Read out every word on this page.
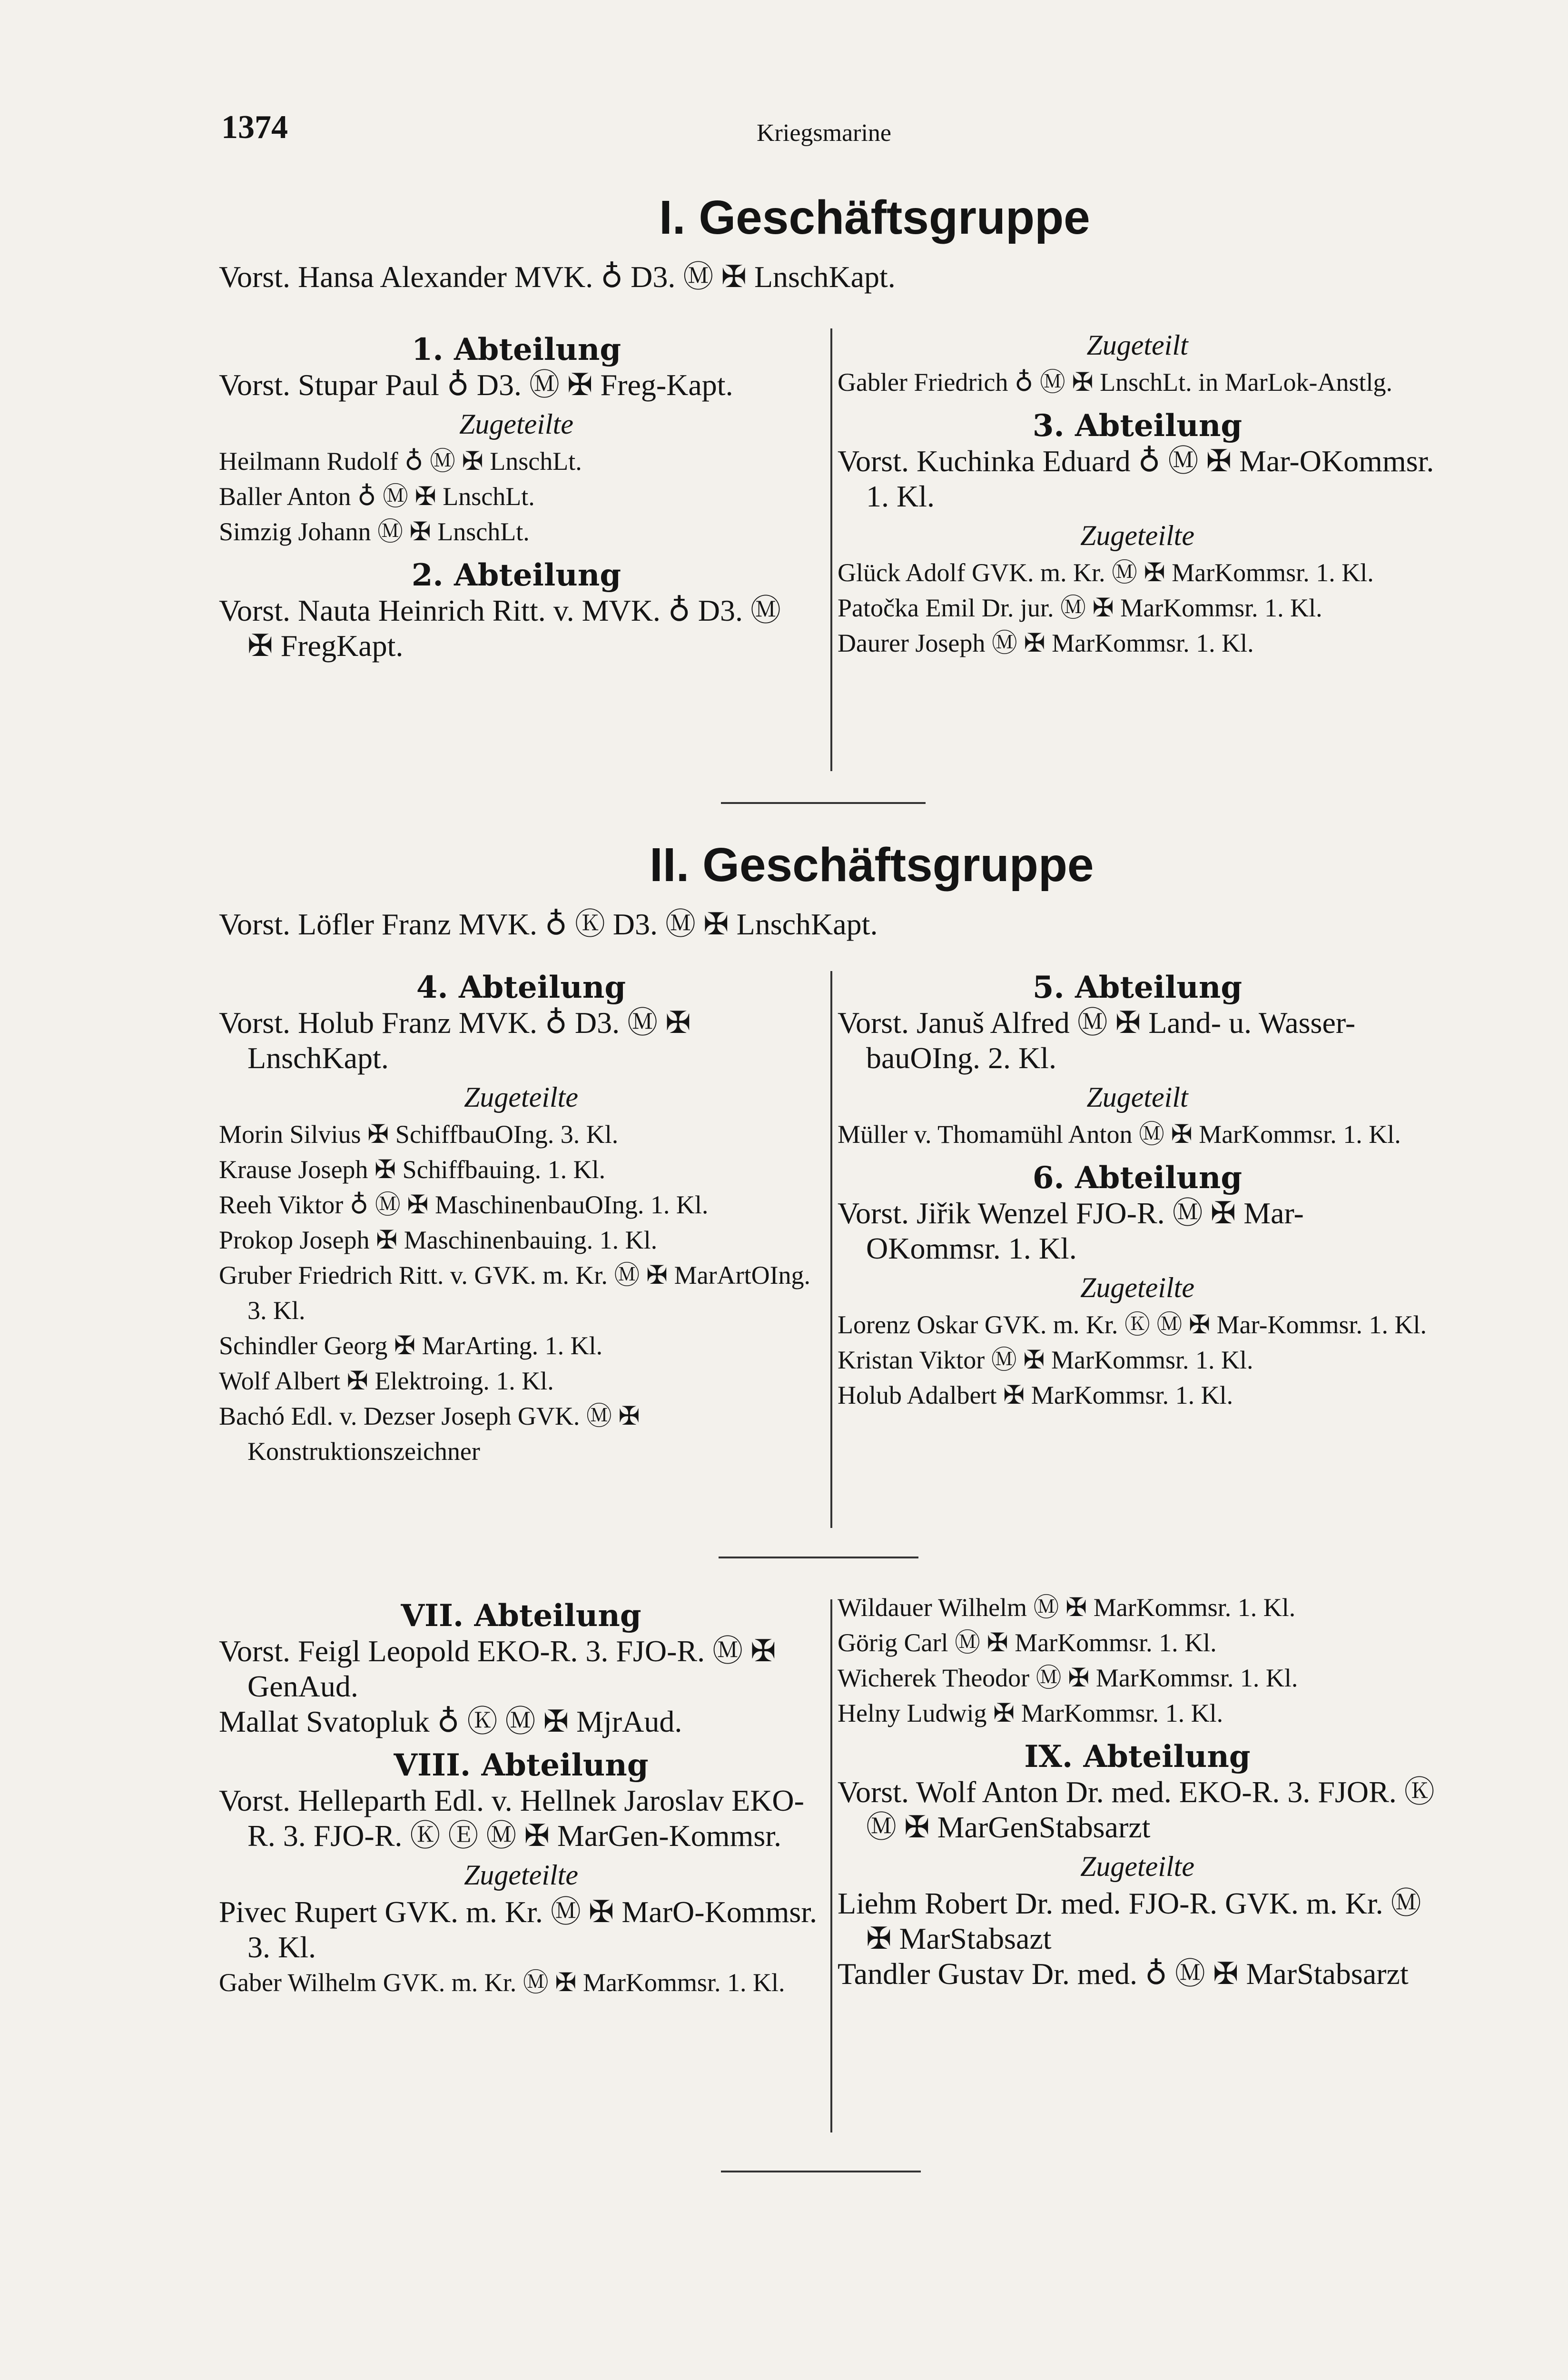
1374	Kriegsmarine
I. Geschäftsgruppe
Vorst. Hansa Alexander MVK. ♁ D3. Ⓜ ✠ LnschKapt.

1. Abteilung

Vorst. Stupar Paul ♁ D3. Ⓜ ✠ Freg-Kapt.

Zugeteilte

Heilmann Rudolf ♁ Ⓜ ✠ LnschLt.

Baller Anton ♁ Ⓜ ✠ LnschLt.

Simzig Johann Ⓜ ✠ LnschLt.

2. Abteilung

Vorst. Nauta Heinrich Ritt. v. MVK. ♁ D3. Ⓜ ✠ FregKapt.

Zugeteilt

Gabler Friedrich ♁ Ⓜ ✠ LnschLt. in MarLok-Anstlg.

3. Abteilung

Vorst. Kuchinka Eduard ♁ Ⓜ ✠ Mar-OKommsr. 1. Kl.

Zugeteilte

Glück Adolf GVK. m. Kr. Ⓜ ✠ MarKommsr. 1. Kl.

Patočka Emil Dr. jur. Ⓜ ✠ MarKommsr. 1. Kl.

Daurer Joseph Ⓜ ✠ MarKommsr. 1. Kl.

II. Geschäftsgruppe
Vorst. Löfler Franz MVK. ♁ Ⓚ D3. Ⓜ ✠ LnschKapt.

4. Abteilung

Vorst. Holub Franz MVK. ♁ D3. Ⓜ ✠ LnschKapt.

Zugeteilte

Morin Silvius ✠ SchiffbauOIng. 3. Kl.

Krause Joseph ✠ Schiffbauing. 1. Kl.

Reeh Viktor ♁ Ⓜ ✠ MaschinenbauOIng. 1. Kl.

Prokop Joseph ✠ Maschinenbauing. 1. Kl.

Gruber Friedrich Ritt. v. GVK. m. Kr. Ⓜ ✠ MarArtOIng. 3. Kl.

Schindler Georg ✠ MarArting. 1. Kl.

Wolf Albert ✠ Elektroing. 1. Kl.

Bachó Edl. v. Dezser Joseph GVK. Ⓜ ✠ Konstruktionszeichner

5. Abteilung

Vorst. Januš Alfred Ⓜ ✠ Land- u. Wasser-bauOIng. 2. Kl.

Zugeteilt

Müller v. Thomamühl Anton Ⓜ ✠ MarKommsr. 1. Kl.

6. Abteilung

Vorst. Jiřik Wenzel FJO-R. Ⓜ ✠ Mar-OKommsr. 1. Kl.

Zugeteilte

Lorenz Oskar GVK. m. Kr. Ⓚ Ⓜ ✠ Mar-Kommsr. 1. Kl.

Kristan Viktor Ⓜ ✠ MarKommsr. 1. Kl.

Holub Adalbert ✠ MarKommsr. 1. Kl.

VII. Abteilung

Vorst. Feigl Leopold EKO-R. 3. FJO-R. Ⓜ ✠ GenAud.

Mallat Svatopluk ♁ Ⓚ Ⓜ ✠ MjrAud.

VIII. Abteilung

Vorst. Helleparth Edl. v. Hellnek Jaroslav EKO-R. 3. FJO-R. Ⓚ Ⓔ Ⓜ ✠ MarGen-Kommsr.

Zugeteilte

Pivec Rupert GVK. m. Kr. Ⓜ ✠ MarO-Kommsr. 3. Kl.

Gaber Wilhelm GVK. m. Kr. Ⓜ ✠ MarKommsr. 1. Kl.

Wildauer Wilhelm Ⓜ ✠ MarKommsr. 1. Kl.

Görig Carl Ⓜ ✠ MarKommsr. 1. Kl.

Wicherek Theodor Ⓜ ✠ MarKommsr. 1. Kl.

Helny Ludwig ✠ MarKommsr. 1. Kl.

IX. Abteilung

Vorst. Wolf Anton Dr. med. EKO-R. 3. FJOR. Ⓚ Ⓜ ✠ MarGenStabsarzt

Zugeteilte

Liehm Robert Dr. med. FJO-R. GVK. m. Kr. Ⓜ ✠ MarStabsazt

Tandler Gustav Dr. med. ♁ Ⓜ ✠ MarStabsarzt
